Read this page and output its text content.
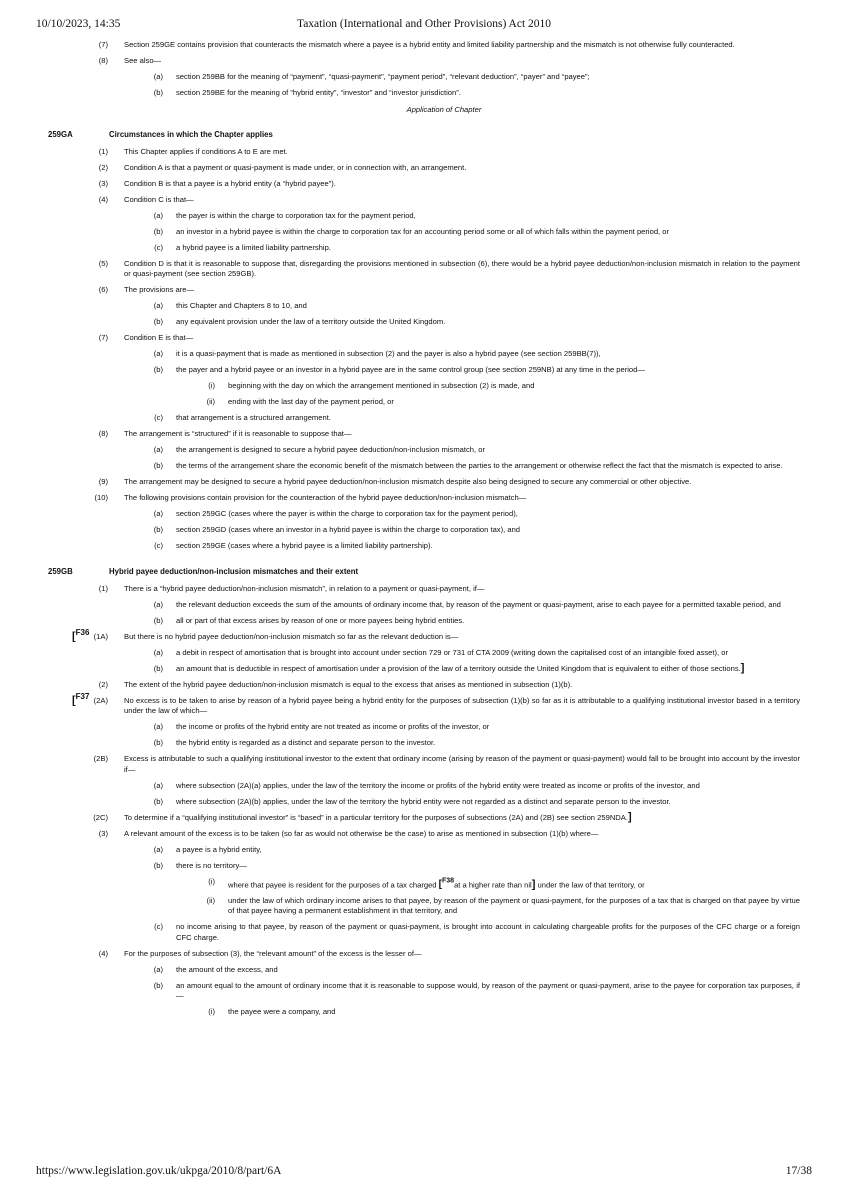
10/10/2023, 14:35	Taxation (International and Other Provisions) Act 2010
(7) Section 259GE contains provision that counteracts the mismatch where a payee is a hybrid entity and limited liability partnership and the mismatch is not otherwise fully counteracted.
(8) See also—
(a) section 259BB for the meaning of “payment”, “quasi-payment”, “payment period”, “relevant deduction”, “payer” and “payee”;
(b) section 259BE for the meaning of “hybrid entity”, “investor” and “investor jurisdiction”.
Application of Chapter
259GA	Circumstances in which the Chapter applies
(1) This Chapter applies if conditions A to E are met.
(2) Condition A is that a payment or quasi-payment is made under, or in connection with, an arrangement.
(3) Condition B is that a payee is a hybrid entity (a “hybrid payee”).
(4) Condition C is that—
(a) the payer is within the charge to corporation tax for the payment period,
(b) an investor in a hybrid payee is within the charge to corporation tax for an accounting period some or all of which falls within the payment period, or
(c) a hybrid payee is a limited liability partnership.
(5) Condition D is that it is reasonable to suppose that, disregarding the provisions mentioned in subsection (6), there would be a hybrid payee deduction/non-inclusion mismatch in relation to the payment or quasi-payment (see section 259GB).
(6) The provisions are—
(a) this Chapter and Chapters 8 to 10, and
(b) any equivalent provision under the law of a territory outside the United Kingdom.
(7) Condition E is that—
(a) it is a quasi-payment that is made as mentioned in subsection (2) and the payer is also a hybrid payee (see section 259BB(7)),
(b) the payer and a hybrid payee or an investor in a hybrid payee are in the same control group (see section 259NB) at any time in the period—
(i) beginning with the day on which the arrangement mentioned in subsection (2) is made, and
(ii) ending with the last day of the payment period, or
(c) that arrangement is a structured arrangement.
(8) The arrangement is “structured” if it is reasonable to suppose that—
(a) the arrangement is designed to secure a hybrid payee deduction/non-inclusion mismatch, or
(b) the terms of the arrangement share the economic benefit of the mismatch between the parties to the arrangement or otherwise reflect the fact that the mismatch is expected to arise.
(9) The arrangement may be designed to secure a hybrid payee deduction/non-inclusion mismatch despite also being designed to secure any commercial or other objective.
(10) The following provisions contain provision for the counteraction of the hybrid payee deduction/non-inclusion mismatch—
(a) section 259GC (cases where the payer is within the charge to corporation tax for the payment period),
(b) section 259GD (cases where an investor in a hybrid payee is within the charge to corporation tax), and
(c) section 259GE (cases where a hybrid payee is a limited liability partnership).
259GB	Hybrid payee deduction/non-inclusion mismatches and their extent
(1) There is a “hybrid payee deduction/non-inclusion mismatch”, in relation to a payment or quasi-payment, if—
(a) the relevant deduction exceeds the sum of the amounts of ordinary income that, by reason of the payment or quasi-payment, arise to each payee for a permitted taxable period, and
(b) all or part of that excess arises by reason of one or more payees being hybrid entities.
[$^{F36}$ (1A) But there is no hybrid payee deduction/non-inclusion mismatch so far as the relevant deduction is—
(a) a debit in respect of amortisation that is brought into account under section 729 or 731 of CTA 2009 (writing down the capitalised cost of an intangible fixed asset), or
(b) an amount that is deductible in respect of amortisation under a provision of the law of a territory outside the United Kingdom that is equivalent to either of those sections.]
(2) The extent of the hybrid payee deduction/non-inclusion mismatch is equal to the excess that arises as mentioned in subsection (1)(b).
[$^{F37}$ (2A) No excess is to be taken to arise by reason of a hybrid payee being a hybrid entity for the purposes of subsection (1)(b) so far as it is attributable to a qualifying institutional investor based in a territory under the law of which—
(a) the income or profits of the hybrid entity are not treated as income or profits of the investor, or
(b) the hybrid entity is regarded as a distinct and separate person to the investor.
(2B) Excess is attributable to such a qualifying institutional investor to the extent that ordinary income (arising by reason of the payment or quasi-payment) would fall to be brought into account by the investor if—
(a) where subsection (2A)(a) applies, under the law of the territory the income or profits of the hybrid entity were treated as income or profits of the investor, and
(b) where subsection (2A)(b) applies, under the law of the territory the hybrid entity were not regarded as a distinct and separate person to the investor.
(2C) To determine if a “qualifying institutional investor” is “based” in a particular territory for the purposes of subsections (2A) and (2B) see section 259NDA.]
(3) A relevant amount of the excess is to be taken (so far as would not otherwise be the case) to arise as mentioned in subsection (1)(b) where—
(a) a payee is a hybrid entity,
(b) there is no territory—
(i) where that payee is resident for the purposes of a tax charged [$^{F38}$at a higher rate than nil] under the law of that territory, or
(ii) under the law of which ordinary income arises to that payee, by reason of the payment or quasi-payment, for the purposes of a tax that is charged on that payee by virtue of that payee having a permanent establishment in that territory, and
(c) no income arising to that payee, by reason of the payment or quasi-payment, is brought into account in calculating chargeable profits for the purposes of the CFC charge or a foreign CFC charge.
(4) For the purposes of subsection (3), the “relevant amount” of the excess is the lesser of—
(a) the amount of the excess, and
(b) an amount equal to the amount of ordinary income that it is reasonable to suppose would, by reason of the payment or quasi-payment, arise to the payee for corporation tax purposes, if—
(i) the payee were a company, and
https://www.legislation.gov.uk/ukpga/2010/8/part/6A	17/38
